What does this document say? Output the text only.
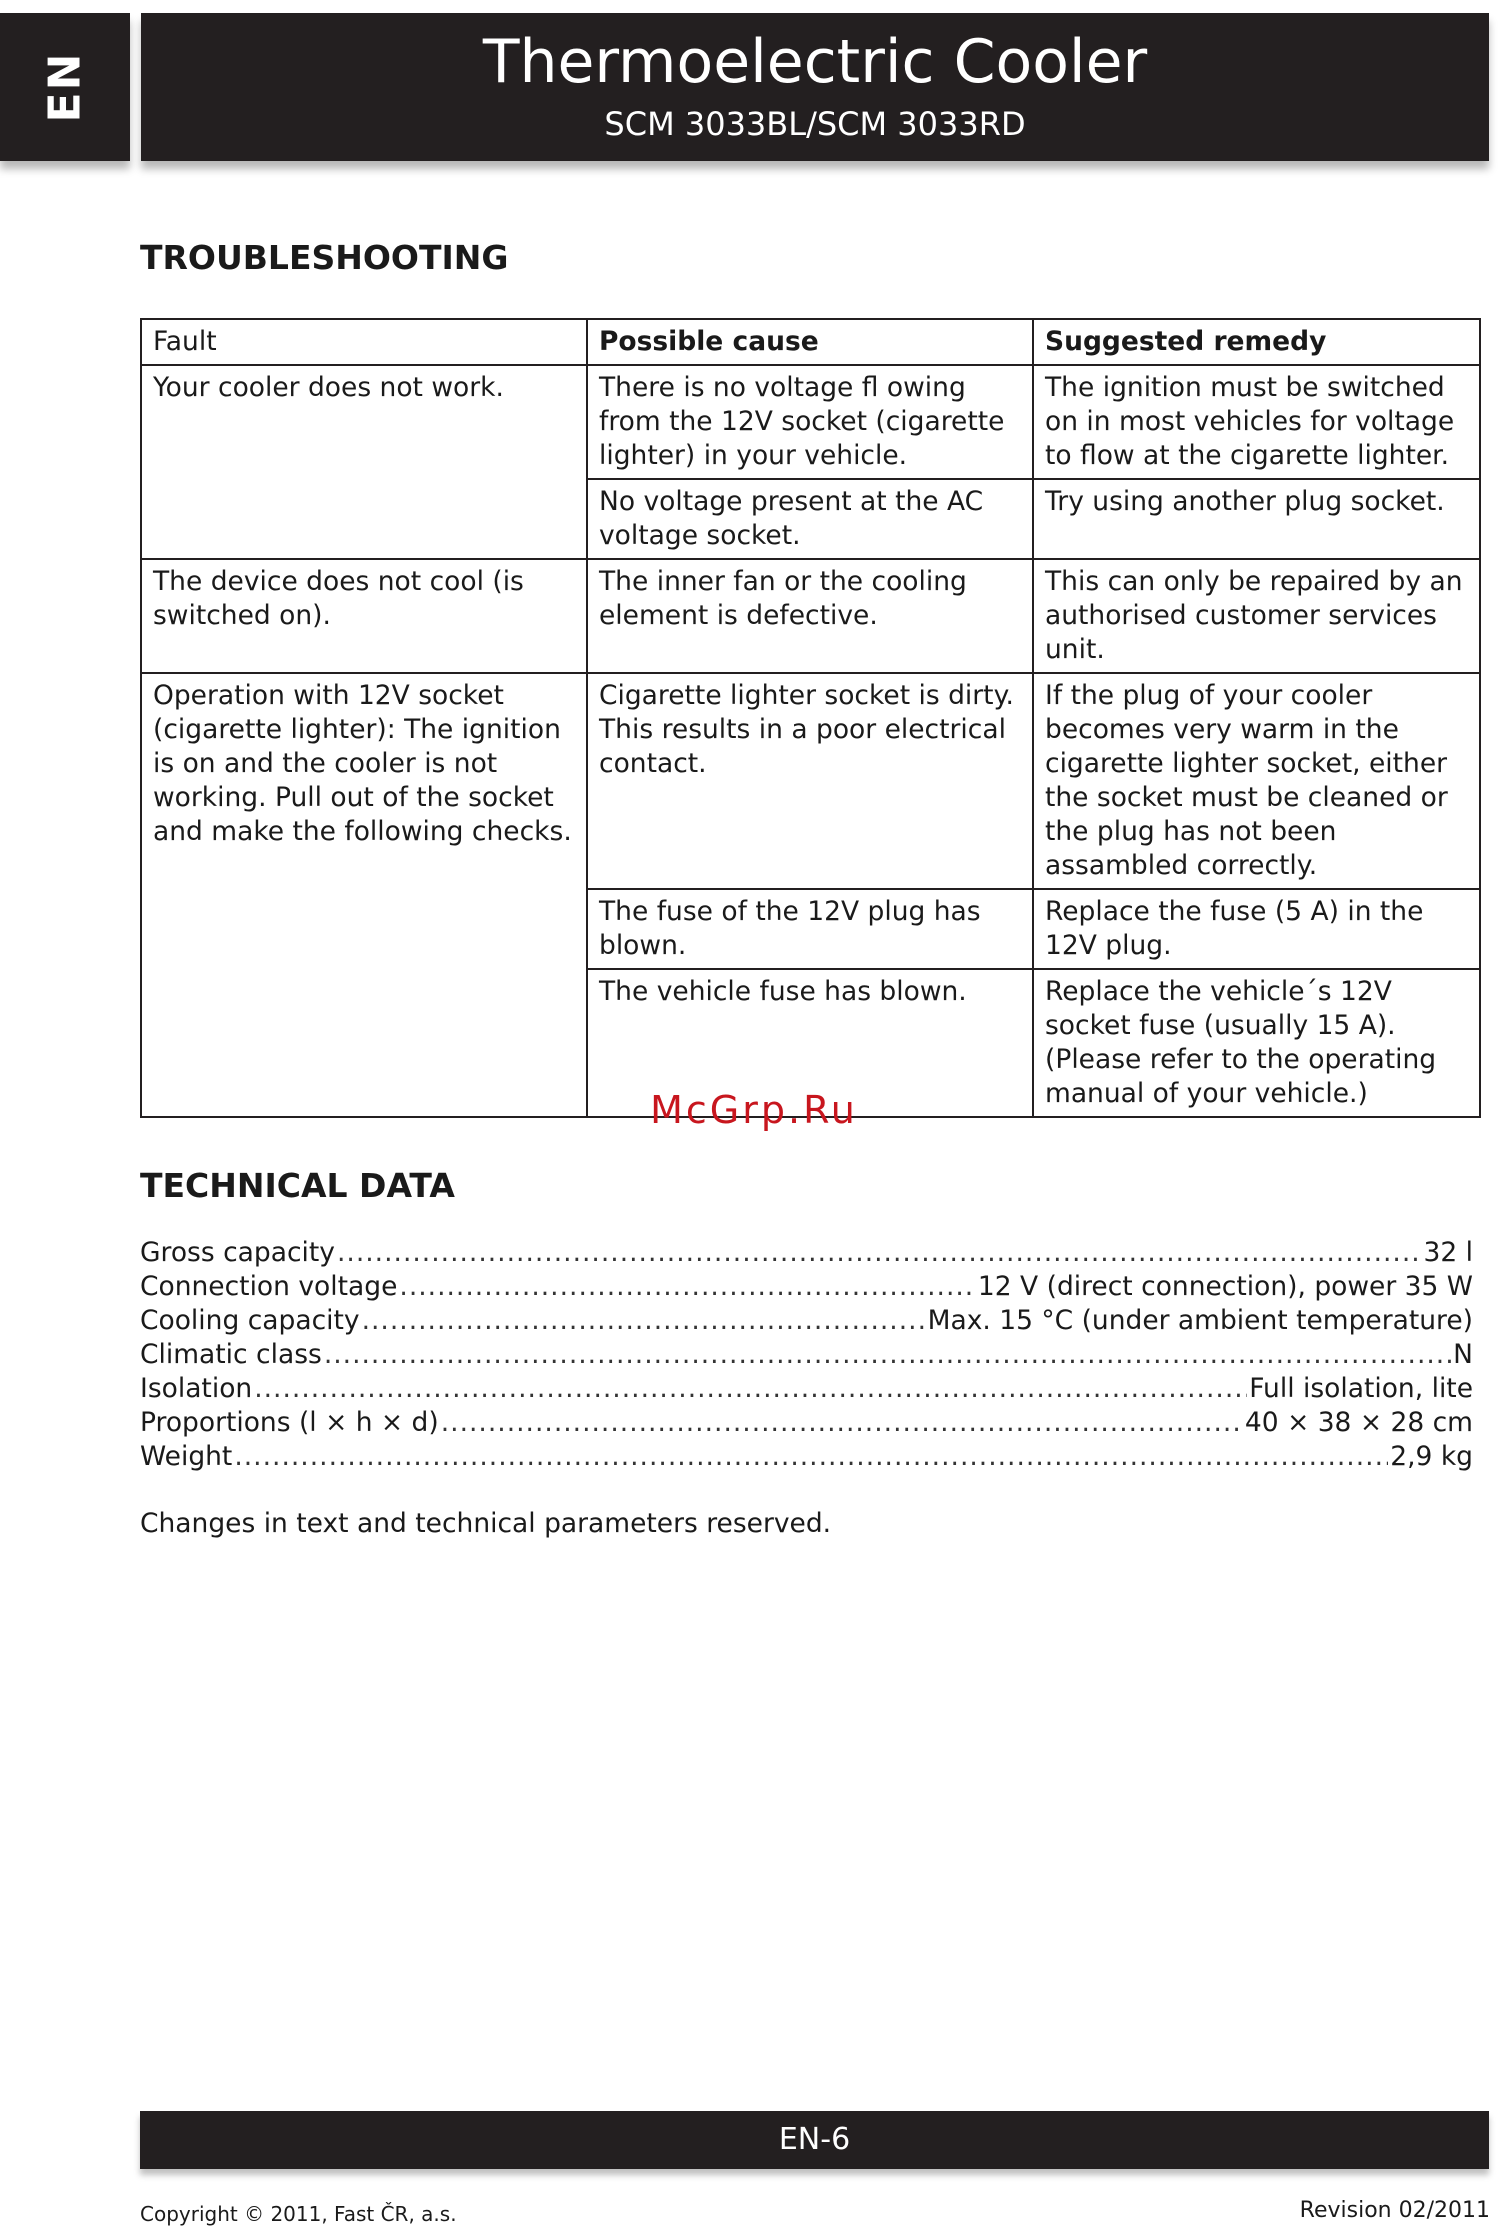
EN	Thermoelectric Cooler
SCM 3033BL/SCM 3033RD
TROUBLESHOOTING
Fault	Possible cause	Suggested remedy
Your cooler does not work.	There is no voltage fl owing from the 12V socket (cigarette lighter) in your vehicle.	The ignition must be switched on in most vehicles for voltage to flow at the cigarette lighter.
	No voltage present at the AC voltage socket.	Try using another plug socket.
The device does not cool (is switched on).	The inner fan or the cooling element is defective.	This can only be repaired by an authorised customer services unit.
Operation with 12V socket (cigarette lighter): The ignition is on and the cooler is not working. Pull out of the socket and make the following checks.	Cigarette lighter socket is dirty. This results in a poor electrical contact.	If the plug of your cooler becomes very warm in the cigarette lighter socket, either the socket must be cleaned or the plug has not been assambled correctly.
	The fuse of the 12V plug has blown.	Replace the fuse (5 A) in the 12V plug.
	The vehicle fuse has blown.	Replace the vehicle´s 12V socket fuse (usually 15 A). (Please refer to the operating manual of your vehicle.)
McGrp.Ru
TECHNICAL DATA
Gross capacity .....	32 l
Connection voltage .....	12 V (direct connection), power 35 W
Cooling capacity .....	Max. 15 °C (under ambient temperature)
Climatic class .....	N
Isolation .....	Full isolation, lite
Proportions (l × h × d) .....	40 × 38 × 28 cm
Weight .....	2,9 kg
Changes in text and technical parameters reserved.
EN-6
Copyright © 2011, Fast ČR, a.s.	Revision 02/2011
